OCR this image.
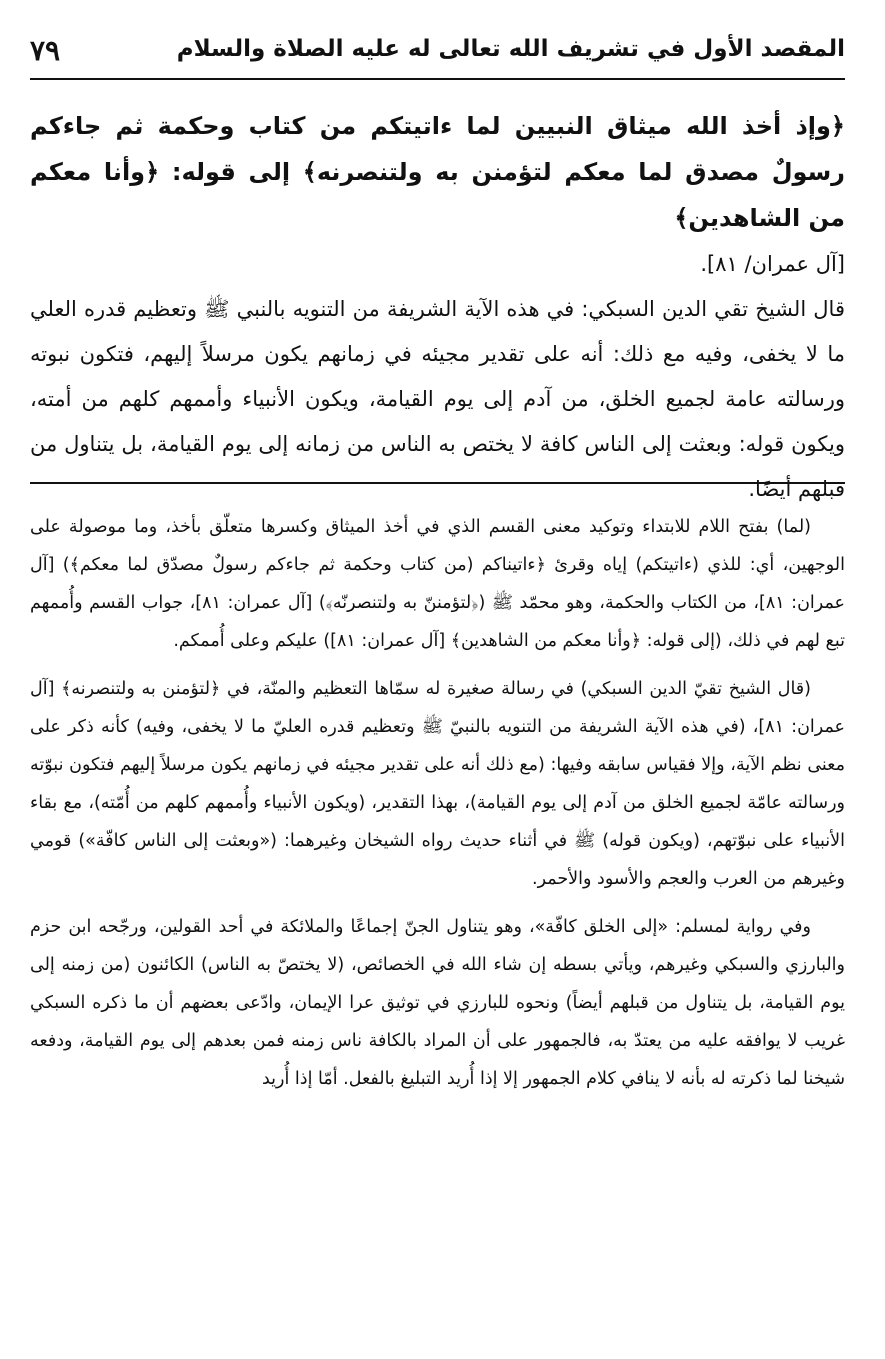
٧٩	المقصد الأول في تشريف الله تعالى له عليه الصلاة والسلام

﴿وإذ أخذ الله ميثاق النبيين لما ءاتيتكم من كتاب وحكمة ثم جاءكم رسولٌ مصدق لما معكم لتؤمنن به ولتنصرنه﴾ إلى قوله: ﴿وأنا معكم من الشاهدين﴾
[آل عمران/ ٨١].

قال الشيخ تقي الدين السبكي: في هذه الآية الشريفة من التنويه بالنبي ﷺ وتعظيم قدره العلي ما لا يخفى، وفيه مع ذلك: أنه على تقدير مجيئه في زمانهم يكون مرسلاً إليهم، فتكون نبوته ورسالته عامة لجميع الخلق، من آدم إلى يوم القيامة، ويكون الأنبياء وأممهم كلهم من أمته، ويكون قوله: وبعثت إلى الناس كافة لا يختص به الناس من زمانه إلى يوم القيامة، بل يتناول من قبلهم أيضًا.

(لما) بفتح اللام للابتداء وتوكيد معنى القسم الذي في أخذ الميثاق وكسرها متعلّق بأخذ، وما موصولة على الوجهين، أي: للذي (ءاتيتكم) إياه وقرئ ﴿ءاتيناكم (من كتاب وحكمة ثم جاءكم رسولٌ مصدّق لما معكم﴾) [آل عمران: ٨١]، من الكتاب والحكمة، وهو محمّد ﷺ (﴿لتؤمننّ به ولتنصرنّه﴾) [آل عمران: ٨١]، جواب القسم وأُممهم تبع لهم في ذلك، (إلى قوله: ﴿وأنا معكم من الشاهدين﴾ [آل عمران: ٨١]) عليكم وعلى أُممكم.

(قال الشيخ تقيّ الدين السبكي) في رسالة صغيرة له سمّاها التعظيم والمنّة، في ﴿لتؤمنن به ولتنصرنه﴾ [آل عمران: ٨١]، (في هذه الآية الشريفة من التنويه بالنبيّ ﷺ وتعظيم قدره العليّ ما لا يخفى، وفيه) كأنه ذكر على معنى نظم الآية، وإلا فقياس سابقه وفيها: (مع ذلك أنه على تقدير مجيئه في زمانهم يكون مرسلاً إليهم فتكون نبوّته ورسالته عامّة لجميع الخلق من آدم إلى يوم القيامة)، بهذا التقدير، (ويكون الأنبياء وأُممهم كلهم من أُمّته)، مع بقاء الأنبياء على نبوّتهم، (ويكون قوله) ﷺ في أثناء حديث رواه الشيخان وغيرهما: («وبعثت إلى الناس كافّة») قومي وغيرهم من العرب والعجم والأسود والأحمر.

وفي رواية لمسلم: «إلى الخلق كافّة»، وهو يتناول الجنّ إجماعًا والملائكة في أحد القولين، ورجّحه ابن حزم والبارزي والسبكي وغيرهم، ويأتي بسطه إن شاء الله في الخصائص، (لا يختصّ به الناس) الكائنون (من زمنه إلى يوم القيامة، بل يتناول من قبلهم أيضاً) ونحوه للبارزي في توثيق عرا الإيمان، وادّعى بعضهم أن ما ذكره السبكي غريب لا يوافقه عليه من يعتدّ به، فالجمهور على أن المراد بالكافة ناس زمنه فمن بعدهم إلى يوم القيامة، ودفعه شيخنا لما ذكرته له بأنه لا ينافي كلام الجمهور إلا إذا أُريد التبليغ بالفعل. أمّا إذا أُريد
